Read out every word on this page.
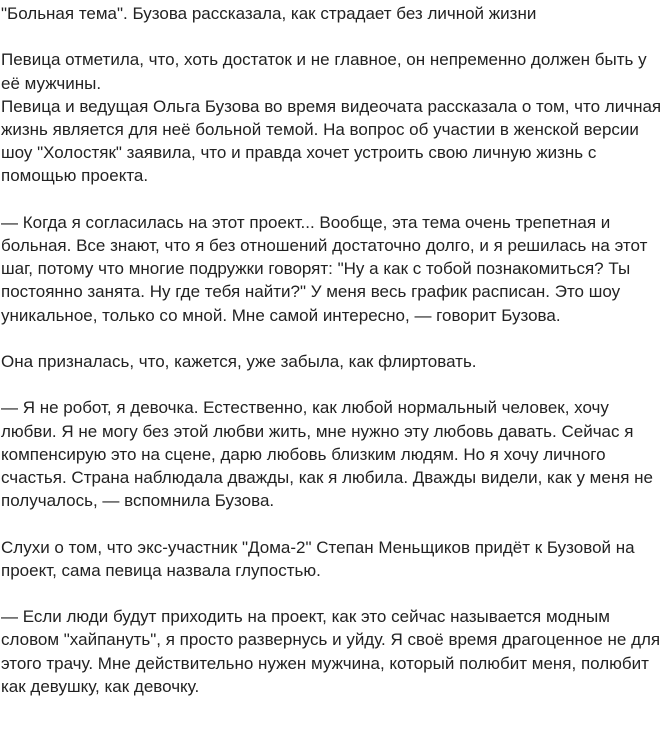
"Больная тема". Бузова рассказала, как страдает без личной жизни

Певица отметила, что, хоть достаток и не главное, он непременно должен быть у её мужчины.

Певица и ведущая Ольга Бузова во время видеочата рассказала о том, что личная жизнь является для неё больной темой. На вопрос об участии в женской версии шоу "Холостяк" заявила, что и правда хочет устроить свою личную жизнь с помощью проекта.

— Когда я согласилась на этот проект... Вообще, эта тема очень трепетная и больная. Все знают, что я без отношений достаточно долго, и я решилась на этот шаг, потому что многие подружки говорят: "Ну а как с тобой познакомиться? Ты постоянно занята. Ну где тебя найти?" У меня весь график расписан. Это шоу уникальное, только со мной. Мне самой интересно, — говорит Бузова.

Она призналась, что, кажется, уже забыла, как флиртовать.

— Я не робот, я девочка. Естественно, как любой нормальный человек, хочу любви. Я не могу без этой любви жить, мне нужно эту любовь давать. Сейчас я компенсирую это на сцене, дарю любовь близким людям. Но я хочу личного счастья. Страна наблюдала дважды, как я любила. Дважды видели, как у меня не получалось, — вспомнила Бузова.

Слухи о том, что экс-участник "Дома-2" Степан Меньщиков придёт к Бузовой на проект, сама певица назвала глупостью.

— Если люди будут приходить на проект, как это сейчас называется модным словом "хайпануть", я просто развернусь и уйду. Я своё время драгоценное не для этого трачу. Мне действительно нужен мужчина, который полюбит меня, полюбит как девушку, как девочку.
